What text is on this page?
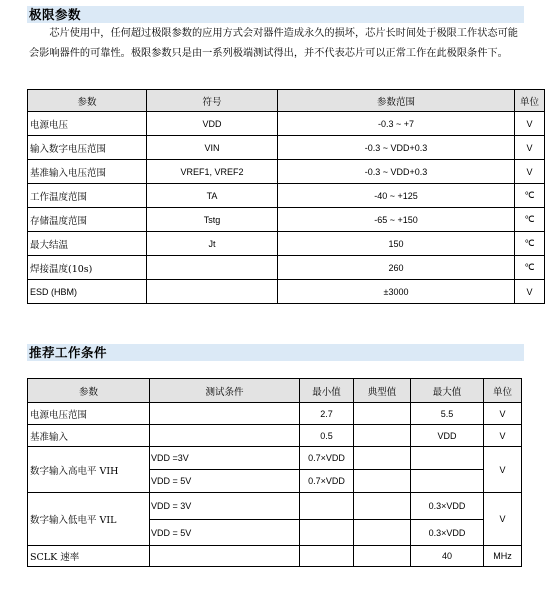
极限参数
　　芯片使用中，任何超过极限参数的应用方式会对器件造成永久的损坏，芯片长时间处于极限工作状态可能会影响器件的可靠性。极限参数只是由一系列极端测试得出，并不代表芯片可以正常工作在此极限条件下。
参数	符号	参数范围	单位
电源电压	VDD	-0.3 ~ +7	V
输入数字电压范围	VIN	-0.3 ~ VDD+0.3	V
基准输入电压范围	VREF1, VREF2	-0.3 ~ VDD+0.3	V
工作温度范围	TA	-40 ~ +125	℃
存储温度范围	Tstg	-65 ~ +150	℃
最大结温	Jt	150	℃
焊接温度(10s)		260	℃
ESD (HBM)		±3000	V
推荐工作条件
参数	测试条件	最小值	典型值	最大值	单位
电源电压范围		2.7		5.5	V
基准输入		0.5		VDD	V
数字输入高电平 VIH	VDD =3V	0.7×VDD			V
	VDD = 5V	0.7×VDD			
数字输入低电平 VIL	VDD = 3V			0.3×VDD	V
	VDD = 5V			0.3×VDD	
SCLK 速率				40	MHz
